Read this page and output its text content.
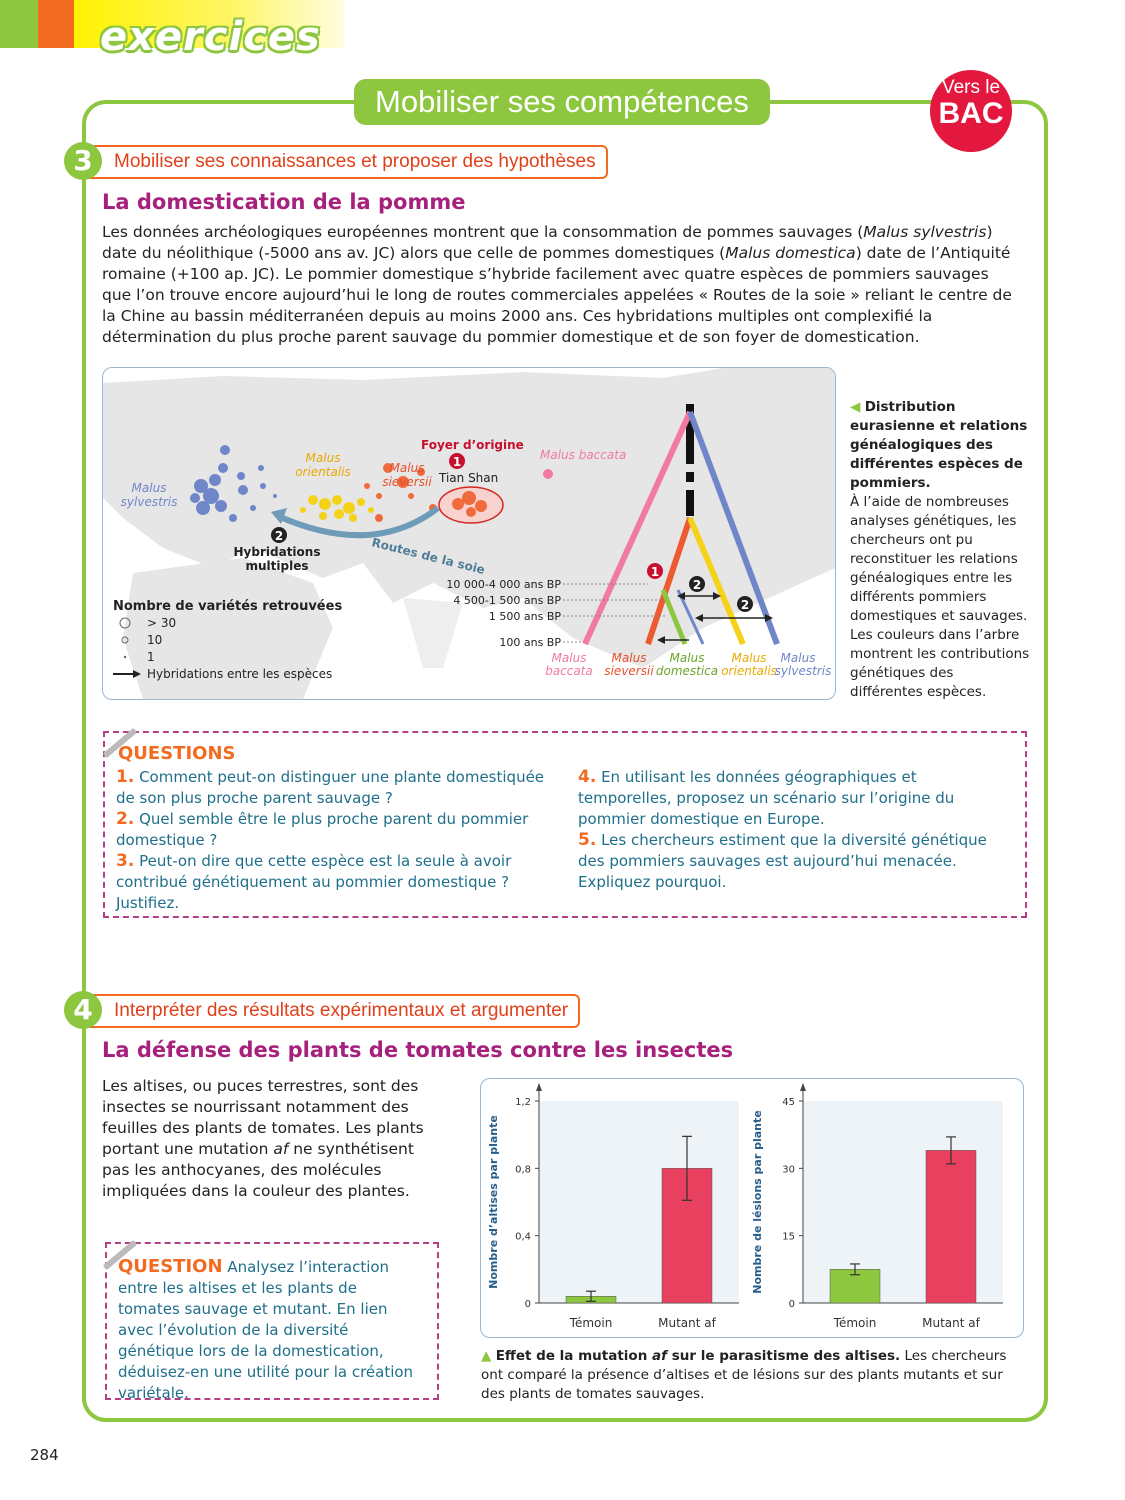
exercices
Mobiliser ses compétences	Vers le
BAC
Mobiliser ses connaissances et proposer des hypothèses
3
La domestication de la pomme
Les données archéologiques européennes montrent que la consommation de pommes sauvages (Malus sylvestris) date du néolithique (-5000 ans av. JC) alors que celle de pommes domestiques (Malus domestica) date de l’Antiquité romaine (+100 ap. JC). Le pommier domestique s’hybride facilement avec quatre espèces de pommiers sauvages que l’on trouve encore aujourd’hui le long de routes commerciales appelées « Routes de la soie » reliant le centre de la Chine au bassin méditerranéen depuis au moins 2000 ans. Ces hybridations multiples ont complexifié la détermination du plus proche parent sauvage du pommier domestique et de son foyer de domestication.
1
2
Foyer d’origine
Tian Shan
Malus baccata
Malus
orientalis	Malus
sieversii
Malus
sylvestris
Routes de la soie
Hybridations
multiples
Nombre de variétés retrouvées
> 30
10
1
Hybridations entre les espèces
10 000-4 000 ans BP
4 500-1 500 ans BP
1 500 ans BP
100 ans BP
1
2
2
Malus
baccata
Malus
sieversii
Malus
domestica
Malus
orientalis
Malus
sylvestris
◀ Distribution eurasienne et relations généalogiques des différentes espèces de pommiers.
À l’aide de nombreuses analyses génétiques, les chercheurs ont pu reconstituer les relations généalogiques entre les différents pommiers domestiques et sauvages. Les couleurs dans l’arbre montrent les contributions génétiques des différentes espèces.
QUESTIONS
1. Comment peut-on distinguer une plante domestiquée de son plus proche parent sauvage ?
2. Quel semble être le plus proche parent du pommier domestique ?
3. Peut-on dire que cette espèce est la seule à avoir contribué génétiquement au pommier domestique ? Justifiez.
4. En utilisant les données géographiques et temporelles, proposez un scénario sur l’origine du pommier domestique en Europe.
5. Les chercheurs estiment que la diversité génétique des pommiers sauvages est aujourd’hui menacée. Expliquez pourquoi.
Interpréter des résultats expérimentaux et argumenter
4
La défense des plants de tomates contre les insectes
Les altises, ou puces terrestres, sont des insectes se nourrissant notamment des feuilles des plants de tomates. Les plants portant une mutation af ne synthétisent pas les anthocyanes, des molécules impliquées dans la couleur des plantes.
QUESTION Analysez l’interaction entre les altises et les plants de tomates sauvage et mutant. En lien avec l’évolution de la diversité génétique lors de la domestication, déduisez-en une utilité pour la création variétale.
0
0,4
0,8
1,2
Nombre d’altises par plante
Témoin	Mutant af
0
15
30
45
Nombre de lésions par plante
Témoin	Mutant af
▲ Effet de la mutation af sur le parasitisme des altises. Les chercheurs ont comparé la présence d’altises et de lésions sur des plants mutants et sur des plants de tomates sauvages.
284
